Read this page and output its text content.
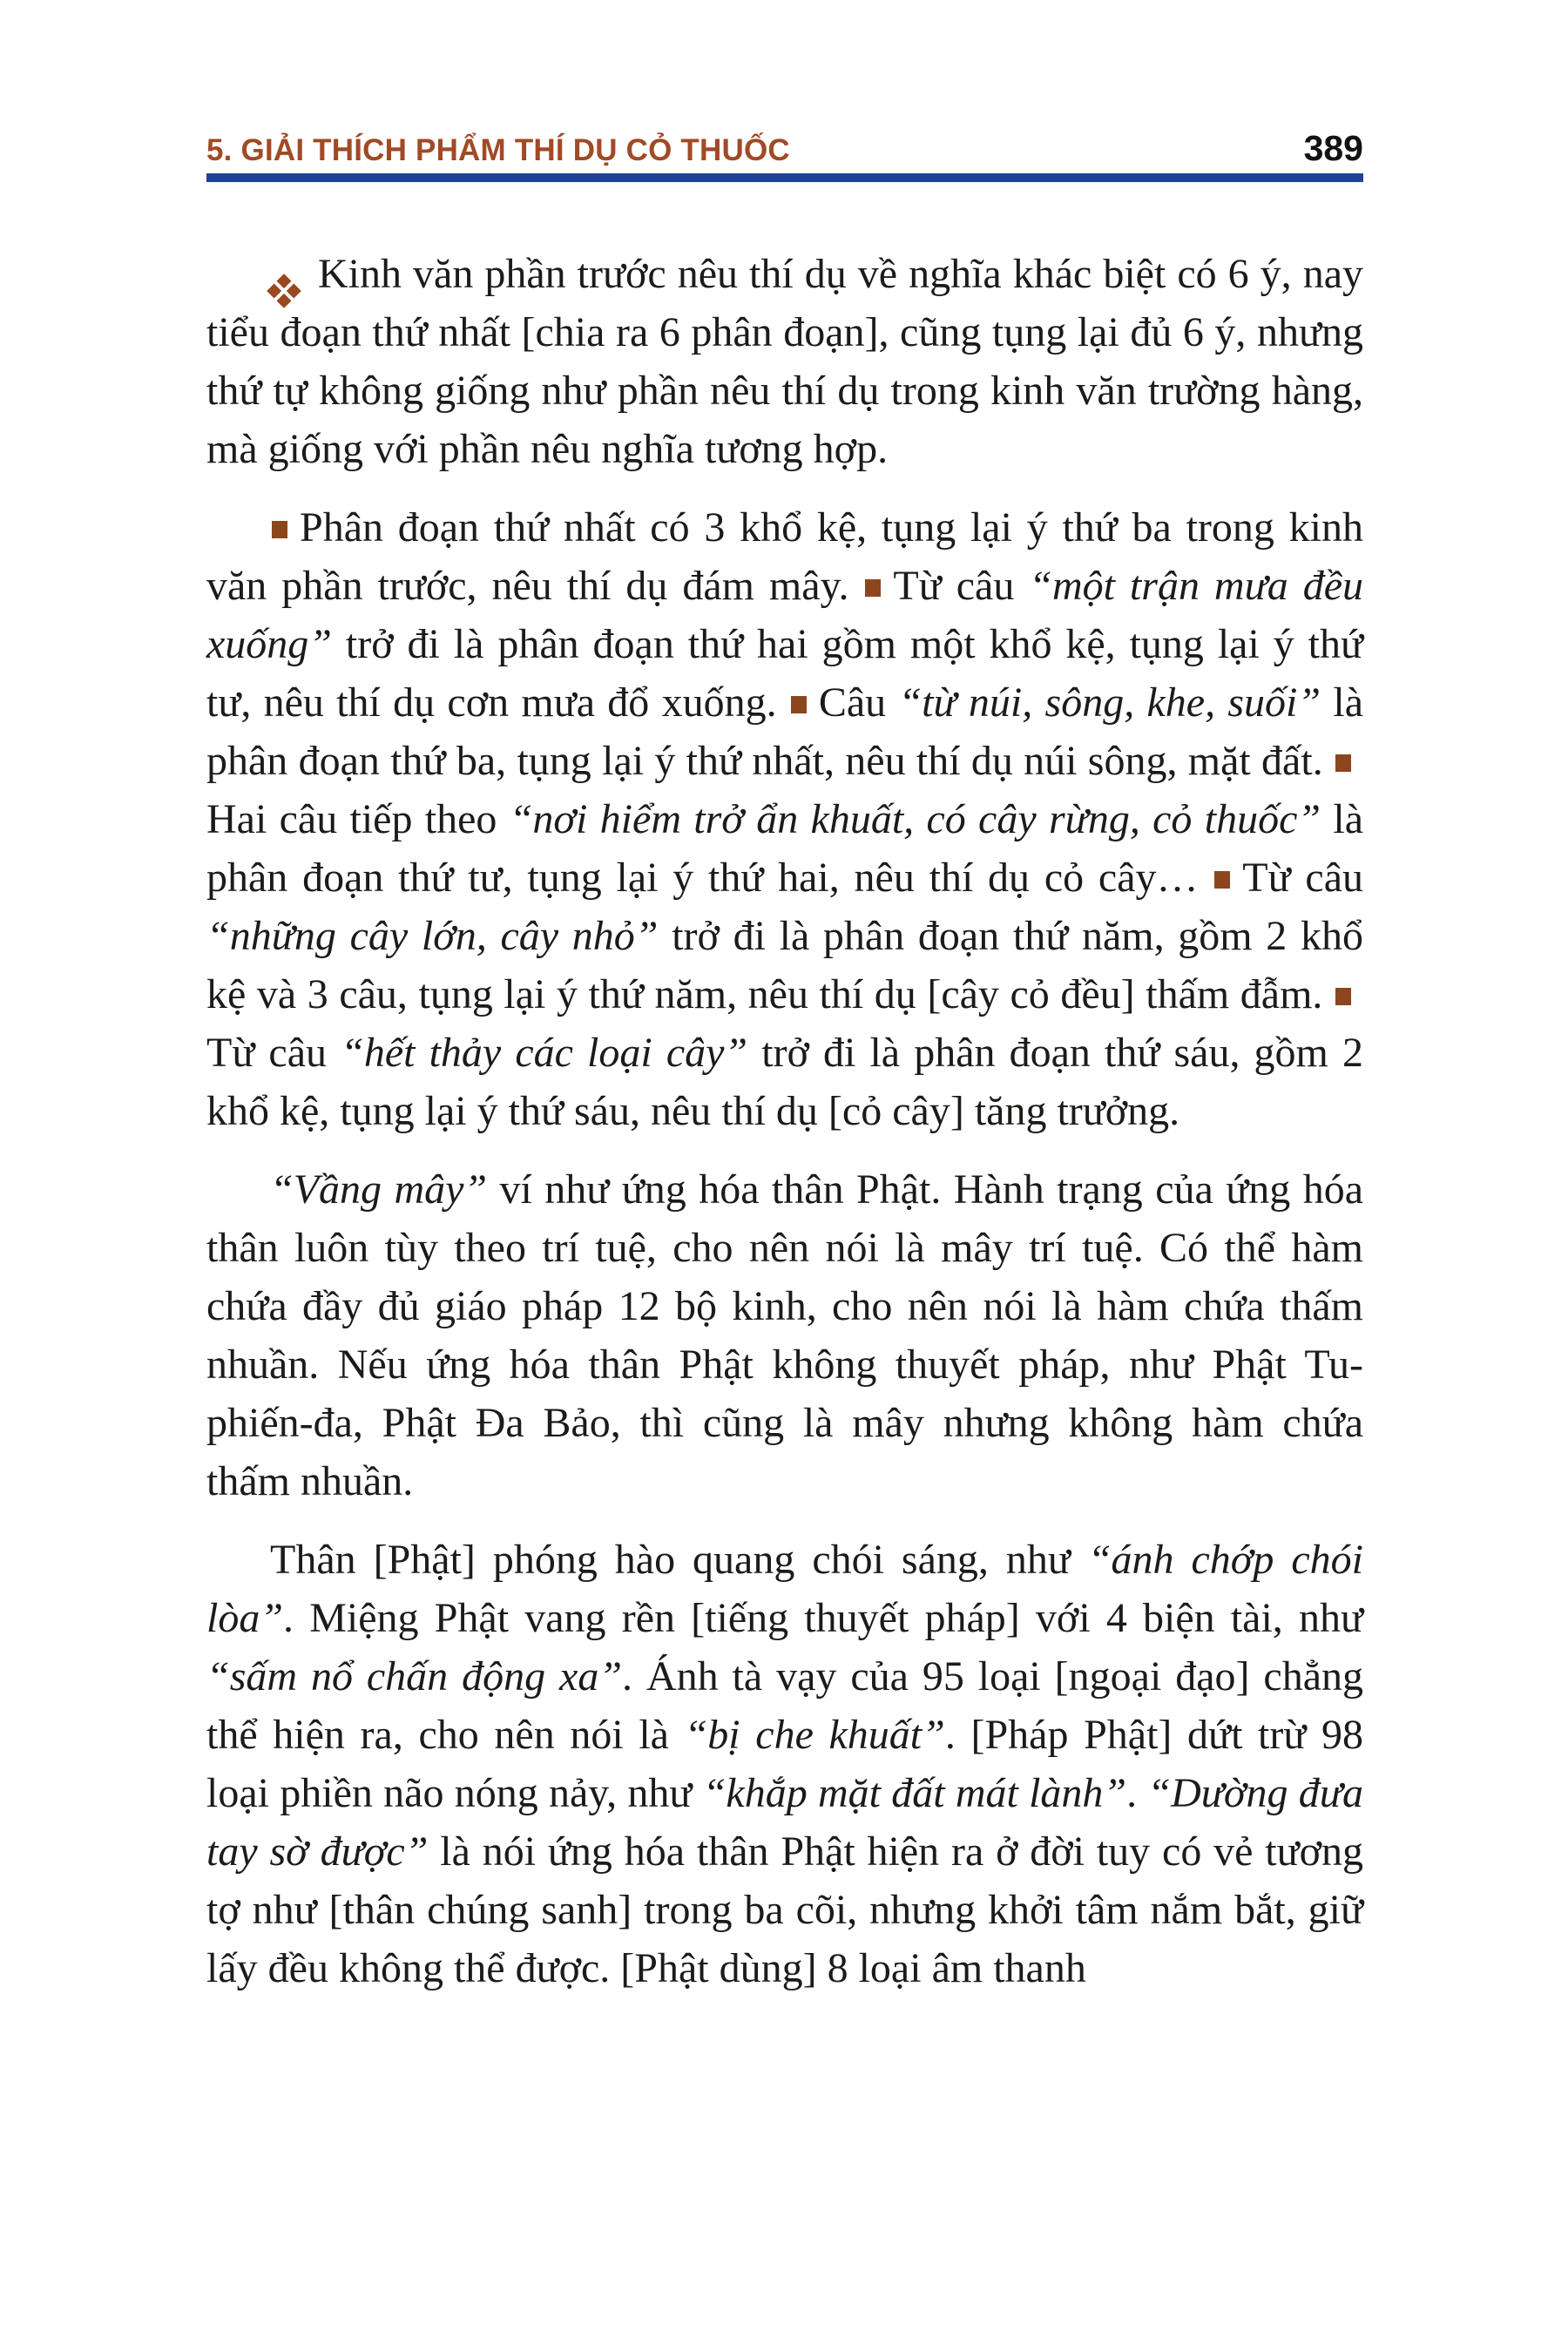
5. GIẢI THÍCH PHẨM THÍ DỤ CỎ THUỐC	389

Kinh văn phần trước nêu thí dụ về nghĩa khác biệt có 6 ý, nay tiểu đoạn thứ nhất [chia ra 6 phân đoạn], cũng tụng lại đủ 6 ý, nhưng thứ tự không giống như phần nêu thí dụ trong kinh văn trường hàng, mà giống với phần nêu nghĩa tương hợp.

Phân đoạn thứ nhất có 3 khổ kệ, tụng lại ý thứ ba trong kinh văn phần trước, nêu thí dụ đám mây. Từ câu “một trận mưa đều xuống” trở đi là phân đoạn thứ hai gồm một khổ kệ, tụng lại ý thứ tư, nêu thí dụ cơn mưa đổ xuống. Câu “từ núi, sông, khe, suối” là phân đoạn thứ ba, tụng lại ý thứ nhất, nêu thí dụ núi sông, mặt đất. Hai câu tiếp theo “nơi hiểm trở ẩn khuất, có cây rừng, cỏ thuốc” là phân đoạn thứ tư, tụng lại ý thứ hai, nêu thí dụ cỏ cây… Từ câu “những cây lớn, cây nhỏ” trở đi là phân đoạn thứ năm, gồm 2 khổ kệ và 3 câu, tụng lại ý thứ năm, nêu thí dụ [cây cỏ đều] thấm đẫm. Từ câu “hết thảy các loại cây” trở đi là phân đoạn thứ sáu, gồm 2 khổ kệ, tụng lại ý thứ sáu, nêu thí dụ [cỏ cây] tăng trưởng.

“Vầng mây” ví như ứng hóa thân Phật. Hành trạng của ứng hóa thân luôn tùy theo trí tuệ, cho nên nói là mây trí tuệ. Có thể hàm chứa đầy đủ giáo pháp 12 bộ kinh, cho nên nói là hàm chứa thấm nhuần. Nếu ứng hóa thân Phật không thuyết pháp, như Phật Tu-phiến-đa, Phật Đa Bảo, thì cũng là mây nhưng không hàm chứa thấm nhuần.

Thân [Phật] phóng hào quang chói sáng, như “ánh chớp chói lòa”. Miệng Phật vang rền [tiếng thuyết pháp] với 4 biện tài, như “sấm nổ chấn động xa”. Ánh tà vạy của 95 loại [ngoại đạo] chẳng thể hiện ra, cho nên nói là “bị che khuất”. [Pháp Phật] dứt trừ 98 loại phiền não nóng nảy, như “khắp mặt đất mát lành”. “Dường đưa tay sờ được” là nói ứng hóa thân Phật hiện ra ở đời tuy có vẻ tương tợ như [thân chúng sanh] trong ba cõi, nhưng khởi tâm nắm bắt, giữ lấy đều không thể được. [Phật dùng] 8 loại âm thanh
